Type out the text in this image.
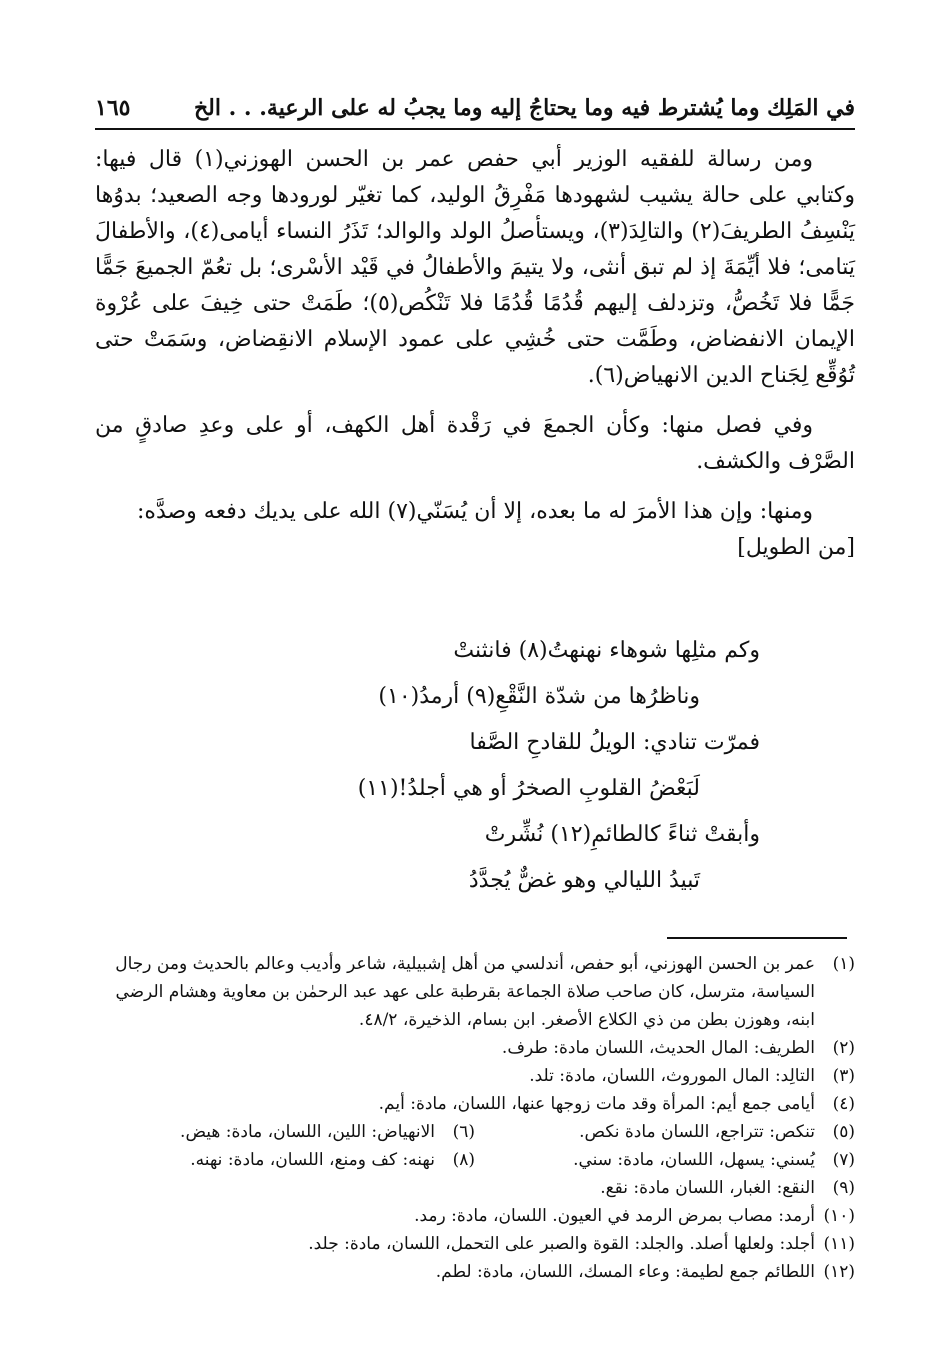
في المَلِك وما يُشترط فيه وما يحتاجُ إليه وما يجبُ له على الرعية. . . الخ
١٦٥

ومن رسالة للفقيه الوزير أبي حفص عمر بن الحسن الهوزني(١) قال فيها: وكتابي على حالة يشيب لشهودها مَفْرِقُ الوليد، كما تغيّر لورودها وجه الصعيد؛ بدوُها يَنْسِفُ الطريفَ(٢) والتالِدَ(٣)، ويستأصلُ الولد والوالد؛ تَذَرُ النساء أيامى(٤)، والأطفالَ يَتامى؛ فلا أيِّمَةَ إذ لم تبق أنثى، ولا يتيمَ والأطفالُ في قَيْد الأسْرى؛ بل تعُمّ الجميعَ جَمًّا جَمًّا فلا تَخُصُّ، وتزدلف إليهم قُدُمًا قُدُمًا فلا تَنْكُص(٥)؛ طَمَتْ حتى خِيفَ على عُرْوة الإيمان الانفضاض، وطَمَّت حتى خُشِي على عمود الإسلام الانقِضاض، وسَمَتْ حتى تُوُقِّع لِجَناح الدين الانهياض(٦).

وفي فصل منها: وكأن الجمعَ في رَقْدة أهل الكهف، أو على وعدِ صادقٍ من الصَّرْف والكشف.

ومنها: وإن هذا الأمرَ له ما بعده، إلا أن يُسَنّي(٧) الله على يديك دفعه وصدَّه:
[من الطويل]

وكم مثلِها شوهاء نهنهتُ(٨) فانثنتْ
وناظرُها من شدّة النَّقْعِ(٩) أرمدُ(١٠)
فمرّت تنادي: الويلُ للقادحِ الصَّفا
لَبَعْضُ القلوبِ الصخرُ أو هي أجلدُ!(١١)
وأبقتْ ثناءً كالطائمِ(١٢) نُشِّرتْ
تَبيدُ الليالي وهو غضٌّ يُجدَّدُ
(١)
عمر بن الحسن الهوزني، أبو حفص، أندلسي من أهل إشبيلية، شاعر وأديب وعالم بالحديث ومن رجال السياسة، مترسل، كان صاحب صلاة الجماعة بقرطبة على عهد عبد الرحمٰن بن معاوية وهشام الرضي ابنه، وهوزن بطن من ذي الكلاع الأصغر. ابن بسام، الذخيرة، ٤٨/٢.
(٢)
الطريف: المال الحديث، اللسان مادة: طرف.
(٣)
التالِد: المال الموروث، اللسان، مادة: تلد.
(٤)
أيامى جمع أيم: المرأة وقد مات زوجها عنها، اللسان، مادة: أيم.
(٥)
تنكص: تتراجع، اللسان مادة نكص.
(٦)
الانهياض: اللين، اللسان، مادة: هيض.
(٧)
يُسني: يسهل، اللسان، مادة: سني.
(٨)
نهنه: كف ومنع، اللسان، مادة: نهنه.
(٩)
النقع: الغبار، اللسان مادة: نقع.
(١٠)
أرمد: مصاب بمرض الرمد في العيون. اللسان، مادة: رمد.
(١١)
أجلد: ولعلها أصلد. والجلد: القوة والصبر على التحمل، اللسان، مادة: جلد.
(١٢)
اللطائم جمع لطيمة: وعاء المسك، اللسان، مادة: لطم.
